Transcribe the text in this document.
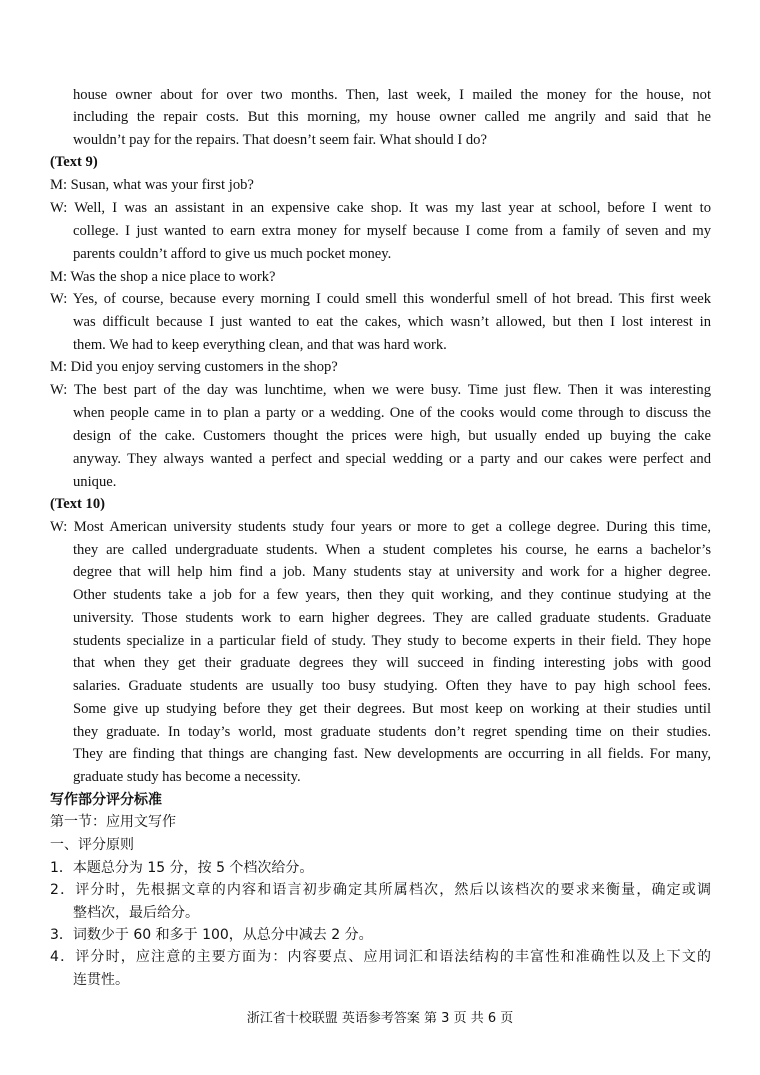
house owner about for over two months. Then, last week, I mailed the money for the house, not
including the repair costs. But this morning, my house owner called me angrily and said that he
wouldn’t pay for the repairs. That doesn’t seem fair. What should I do?
(Text 9)
M: Susan, what was your first job?
W: Well, I was an assistant in an expensive cake shop. It was my last year at school, before I went to
college. I just wanted to earn extra money for myself because I come from a family of seven and my
parents couldn’t afford to give us much pocket money.
M: Was the shop a nice place to work?
W: Yes, of course, because every morning I could smell this wonderful smell of hot bread. This first week
was difficult because I just wanted to eat the cakes, which wasn’t allowed, but then I lost interest in
them. We had to keep everything clean, and that was hard work.
M: Did you enjoy serving customers in the shop?
W: The best part of the day was lunchtime, when we were busy. Time just flew. Then it was interesting
when people came in to plan a party or a wedding. One of the cooks would come through to discuss the
design of the cake. Customers thought the prices were high, but usually ended up buying the cake
anyway. They always wanted a perfect and special wedding or a party and our cakes were perfect and
unique.
(Text 10)
W: Most American university students study four years or more to get a college degree. During this time,
they are called undergraduate students. When a student completes his course, he earns a bachelor’s
degree that will help him find a job. Many students stay at university and work for a higher degree.
Other students take a job for a few years, then they quit working, and they continue studying at the
university. Those students work to earn higher degrees. They are called graduate students. Graduate
students specialize in a particular field of study. They study to become experts in their field. They hope
that when they get their graduate degrees they will succeed in finding interesting jobs with good
salaries. Graduate students are usually too busy studying. Often they have to pay high school fees.
Some give up studying before they get their degrees. But most keep on working at their studies until
they graduate. In today’s world, most graduate students don’t regret spending time on their studies.
They are finding that things are changing fast. New developments are occurring in all fields. For many,
graduate study has become a necessity.
写作部分评分标准
第一节：应用文写作
一、评分原则
1．本题总分为 15 分，按 5 个档次给分。
2．评分时，先根据文章的内容和语言初步确定其所属档次，然后以该档次的要求来衡量，确定或调
整档次，最后给分。
3．词数少于 60 和多于 100，从总分中减去 2 分。
4．评分时，应注意的主要方面为：内容要点、应用词汇和语法结构的丰富性和准确性以及上下文的
连贯性。
浙江省十校联盟 英语参考答案 第 3 页 共 6 页
